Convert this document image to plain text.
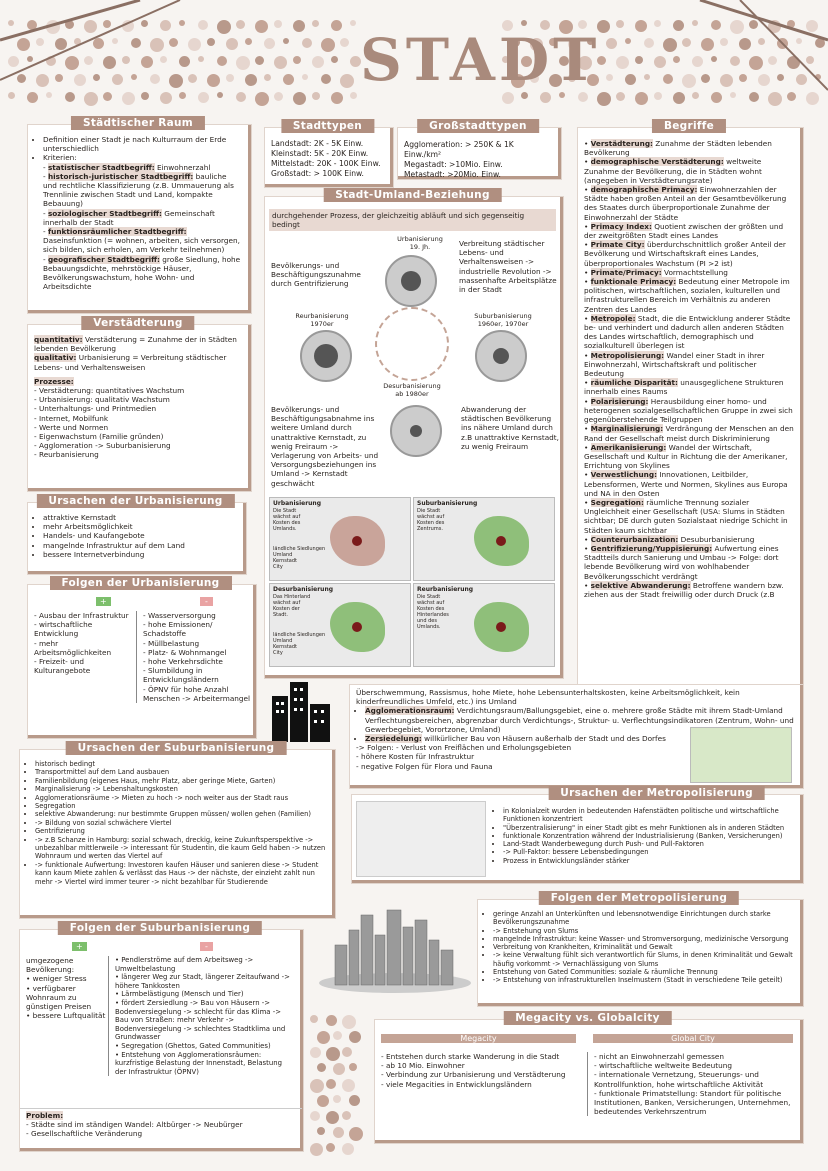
STADT
Städtischer Raum
• Definition einer Stadt je nach Kulturraum der Erde unterschiedlich
• Kriterien:
- statistischer Stadtbegriff: Einwohnerzahl
- historisch-juristischer Stadtbegriff: bauliche und rechtliche Klassifizierung (z.B. Ummauerung als Trennlinie zwischen Stadt und Land, kompakte Bebauung)
- soziologischer Stadtbegriff: Gemeinschaft innerhalb der Stadt
- funktionsräumlicher Stadtbegriff: Daseinsfunktion (= wohnen, arbeiten, sich versorgen, sich bilden, sich erholen, am Verkehr teilnehmen)
- geografischer Stadtbegriff: große Siedlung, hohe Bebauungsdichte, mehrstöckige Häuser, Bevölkerungswachstum, hohe Wohn- und Arbeitsdichte
Stadttypen
Landstadt: 2K - 5K Einw.
Kleinstadt: 5K - 20K Einw.
Mittelstadt: 20K - 100K Einw.
Großstadt: > 100K Einw.
Großstadttypen
Agglomeration: > 250K & 1K Einw./km²
Megastadt: >10Mio. Einw.
Metastadt: >20Mio. Einw.
Stadt-Umland-Beziehung
durchgehender Prozess, der gleichzeitig abläuft und sich gegenseitig bedingt
Bevölkerungs- und Beschäftigungszunahme durch Gentrifizierung
Verbreitung städtischer Lebens- und Verhaltensweisen -> industrielle Revolution -> massenhafte Arbeitsplätze in der Stadt
Urbanisierung
19. Jh.
Reurbanisierung
1970er
Suburbanisierung
1960er, 1970er
Desurbanisierung
ab 1980er
Bevölkerungs- und Beschäftigungsabnahme ins weitere Umland durch unattraktive Kernstadt, zu wenig Freiraum -> Verlagerung von Arbeits- und Versorgungsbeziehungen ins Umland -> Kernstadt geschwächt
Abwanderung der städtischen Bevölkerung ins nähere Umland durch z.B unattraktive Kernstadt, zu wenig Freiraum
Urbanisierung
Die Stadt wächst auf Kosten des Umlands.
ländliche Siedlungen
Umland
Kernstadt
City
Suburbanisierung
Die Stadt wächst auf Kosten des Zentrums.
Desurbanisierung
Das Hinterland wächst auf Kosten der Stadt.
ländliche Siedlungen
Umland
Kernstadt
City
Reurbanisierung
Die Stadt wächst auf Kosten des Hinterlandes und des Umlands.
Begriffe
• Verstädterung: Zunahme der Städten lebenden Bevölkerung
• demographische Verstädterung: weltweite Zunahme der Bevölkerung, die in Städten wohnt (angegeben in Verstädterungsrate)
• demographische Primacy: Einwohnerzahlen der Städte haben großen Anteil an der Gesamtbevölkerung des Staates durch überproportionale Zunahme der Einwohnerzahl der Städte
• Primacy Index: Quotient zwischen der größten und der zweitgrößten Stadt eines Landes
• Primate City: überdurchschnittlich großer Anteil der Bevölkerung und Wirtschaftskraft eines Landes, überproportionales Wachstum (PI >2 ist)
• Primate/Primacy: Vormachtstellung
• funktionale Primacy: Bedeutung einer Metropole im politischen, wirtschaftlichen, sozialen, kulturellen und infrastrukturellen Bereich im Verhältnis zu anderen Zentren des Landes
• Metropole: Stadt, die die Entwicklung anderer Städte be- und verhindert und dadurch allen anderen Städten des Landes wirtschaftlich, demographisch und sozialkulturell überlegen ist
• Metropolisierung: Wandel einer Stadt in ihrer Einwohnerzahl, Wirtschaftskraft und politischer Bedeutung
• räumliche Disparität: unausgeglichene Strukturen innerhalb eines Raums
• Polarisierung: Herausbildung einer homo- und heterogenen sozialgesellschaftlichen Gruppe in zwei sich gegenüberstehende Teilgruppen
• Marginalisierung: Verdrängung der Menschen an den Rand der Gesellschaft meist durch Diskriminierung
• Amerikanisierung: Wandel der Wirtschaft, Gesellschaft und Kultur in Richtung die der Amerikaner, Errichtung von Skylines
• Verwestlichung: Innovationen, Leitbilder, Lebensformen, Werte und Normen, Skylines aus Europa und NA in den Osten
• Segregation: räumliche Trennung sozialer Ungleichheit einer Gesellschaft (USA: Slums in Städten sichtbar; DE durch guten Sozialstaat niedrige Schicht in Städten kaum sichtbar
• Counterurbanization: Desuburbanisierung
• Gentrifizierung/Yuppisierung: Aufwertung eines Stadtteils durch Sanierung und Umbau -> Folge: dort lebende Bevölkerung wird von wohlhabender Bevölkerungsschicht verdrängt
• selektive Abwanderung: Betroffene wandern bzw. ziehen aus der Stadt freiwillig oder durch Druck (z.B
Verstädterung

quantitativ: Verstädterung = Zunahme der in Städten lebenden Bevölkerung

qualitativ: Urbanisierung = Verbreitung städtischer Lebens- und Verhaltensweisen

Prozesse:

- Verstädterung: quantitatives Wachstum
- Urbanisierung: qualitativ Wachstum
- Unterhaltungs- und Printmedien
- Internet, Mobilfunk
- Werte und Normen
- Eigenwachstum (Familie gründen)
- Agglomeration -> Suburbanisierung
- Reurbanisierung
Ursachen der Urbanisierung
• attraktive Kernstadt
• mehr Arbeitsmöglichkeit
• Handels- und Kaufangebote
• mangelnde Infrastruktur auf dem Land
• bessere Internetverbindung
Folgen der Urbanisierung
+	-
- Ausbau der Infrastruktur
- wirtschaftliche Entwicklung
- mehr Arbeitsmöglichkeiten
- Freizeit- und Kulturangebote
- Wasserversorgung
- hohe Emissionen/ Schadstoffe
- Müllbelastung
- Platz- & Wohnmangel
- hohe Verkehrsdichte
- Slumbildung in Entwicklungsländern
- ÖPNV für hohe Anzahl Menschen -> Arbeitermangel

Überschwemmung, Rassismus, hohe Miete, hohe Lebensunterhaltskosten, keine Arbeitsmöglichkeit, kein kinderfreundliches Umfeld, etc.) ins Umland

• Agglomerationsraum: Verdichtungsraum/Ballungsgebiet, eine o. mehrere große Städte mit ihrem Stadt-Umland Verflechtungsbereichen, abgrenzbar durch Verdichtungs-, Struktur- u. Verflechtungsindikatoren (Zentrum, Wohn- und Gewerbegebiet, Vorortzone, Umland)
• Zersiedelung: willkürlicher Bau von Häusern außerhalb der Stadt und des Dorfes
-> Folgen: - Verlust von Freiflächen und Erholungsgebieten
- höhere Kosten für Infrastruktur
- negative Folgen für Flora und Fauna
Ursachen der Suburbanisierung
• historisch bedingt
• Transportmittel auf dem Land ausbauen
• Familienbildung (eigenes Haus, mehr Platz, aber geringe Miete, Garten)
• Marginalisierung -> Lebenshaltungskosten
• Agglomerationsräume -> Mieten zu hoch -> noch weiter aus der Stadt raus
• Segregation
• selektive Abwanderung: nur bestimmte Gruppen müssen/ wollen gehen (Familien)
• -> Bildung von sozial schwächere Viertel
• Gentrifizierung
• -> z.B Schanze in Hamburg: sozial schwach, dreckig, keine Zukunftsperspektive -> unbezahlbar mittlerweile -> interessant für Studentin, die kaum Geld haben -> nutzen Wohnraum und werten das Viertel auf
• -> funktionale Aufwertung: Investoren kaufen Häuser und sanieren diese -> Student kann kaum Miete zahlen & verlässt das Haus -> der nächste, der einzieht zahlt nun mehr -> Viertel wird immer teurer -> nicht bezahlbar für Studierende
Ursachen der Metropolisierung
• in Kolonialzeit wurden in bedeutenden Hafenstädten politische und wirtschaftliche Funktionen konzentriert
• "Überzentralisierung" in einer Stadt gibt es mehr Funktionen als in anderen Städten
• funktionale Konzentration während der Industrialisierung (Banken, Versicherungen)
• Land-Stadt Wanderbewegung durch Push- und Pull-Faktoren
• -> Pull-Faktor: bessere Lebensbedingungen
• Prozess in Entwicklungsländer stärker
Folgen der Metropolisierung
• geringe Anzahl an Unterkünften und lebensnotwendige Einrichtungen durch starke Bevölkerungszunahme
• -> Entstehung von Slums
• mangelnde Infrastruktur: keine Wasser- und Stromversorgung, medizinische Versorgung
• Verbreitung von Krankheiten, Kriminalität und Gewalt
• -> keine Verwaltung fühlt sich verantwortlich für Slums, in denen Kriminalität und Gewalt häufig vorkommt -> Vernachlässigung von Slums
• Entstehung von Gated Communities: soziale & räumliche Trennung
• -> Entstehung von infrastrukturellen Inselmustern (Stadt in verschiedene Teile geteilt)
Folgen der Suburbanisierung
+	-
umgezogene Bevölkerung:
• weniger Stress
• verfügbarer Wohnraum zu günstigen Preisen
• bessere Luftqualität
• Pendlerströme auf dem Arbeitsweg -> Umweltbelastung
• längerer Weg zur Stadt, längerer Zeitaufwand -> höhere Tankkosten
• Lärmbelästigung (Mensch und Tier)
• fördert Zersiedlung -> Bau von Häusern -> Bodenversiegelung -> schlecht für das Klima -> Bau von Straßen: mehr Verkehr -> Bodenversiegelung -> schlechtes Stadtklima und Grundwasser
• Segregation (Ghettos, Gated Communities)
• Entstehung von Agglomerationsräumen: kurzfristige Belastung der Innenstadt, Belastung der Infrastruktur (ÖPNV)

Problem:

- Städte sind im ständigen Wandel: Altbürger -> Neubürger
- Gesellschaftliche Veränderung
Megacity vs. Globalcity
Megacity	Global City
- Entstehen durch starke Wanderung in die Stadt
- ab 10 Mio. Einwohner
- Verbindung zur Urbanisierung und Verstädterung
- viele Megacities in Entwicklungsländern
- nicht an Einwohnerzahl gemessen
- wirtschaftliche weltweite Bedeutung
- internationale Vernetzung, Steuerungs- und Kontrollfunktion, hohe wirtschaftliche Aktivität
- funktionale Primatstellung: Standort für politische Institutionen, Banken, Versicherungen, Unternehmen, bedeutendes Verkehrszentrum
